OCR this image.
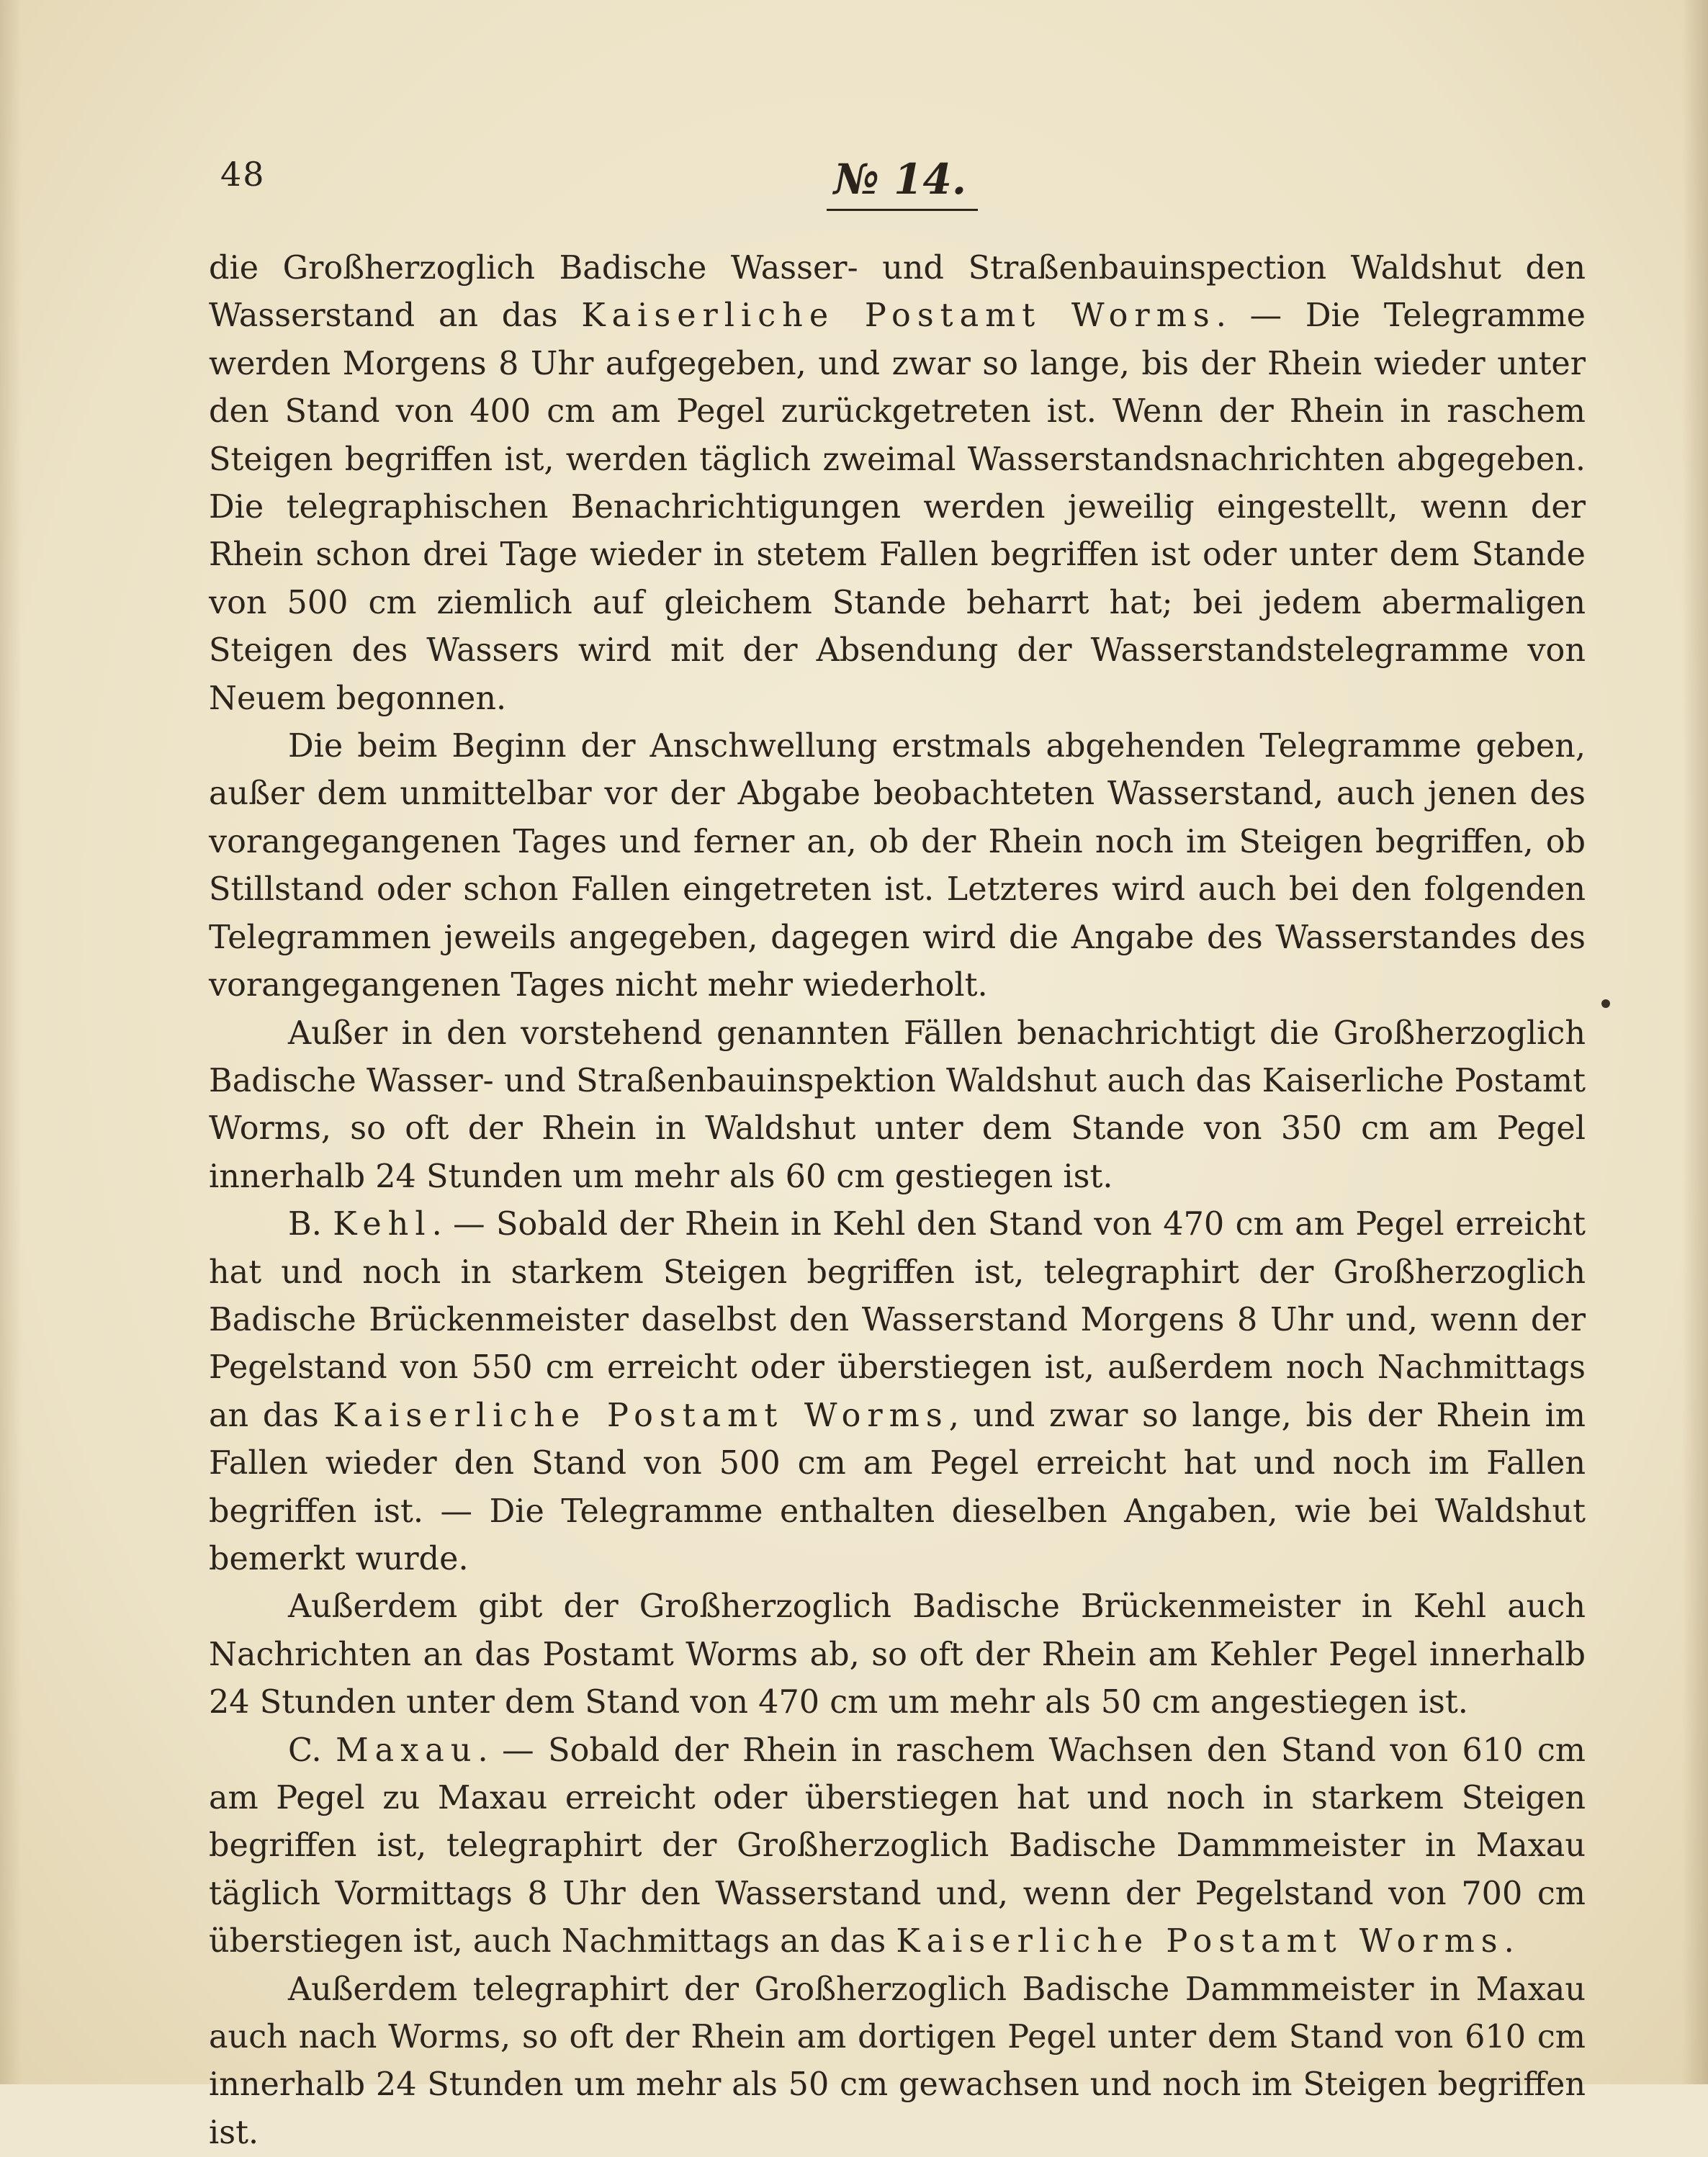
48	№ 14.

die Großherzoglich Badische Wasser- und Straßenbauinspection Waldshut den Wasserstand an das Kaiserliche Postamt Worms. — Die Telegramme werden Morgens 8 Uhr aufgegeben, und zwar so lange, bis der Rhein wieder unter den Stand von 400 cm am Pegel zurückgetreten ist. Wenn der Rhein in raschem Steigen begriffen ist, werden täglich zweimal Wasserstandsnachrichten abgegeben. Die telegraphischen Benachrichtigungen werden jeweilig eingestellt, wenn der Rhein schon drei Tage wieder in stetem Fallen begriffen ist oder unter dem Stande von 500 cm ziemlich auf gleichem Stande beharrt hat; bei jedem abermaligen Steigen des Wassers wird mit der Absendung der Wasserstandstelegramme von Neuem begonnen.

Die beim Beginn der Anschwellung erstmals abgehenden Telegramme geben, außer dem unmittelbar vor der Abgabe beobachteten Wasserstand, auch jenen des vorangegangenen Tages und ferner an, ob der Rhein noch im Steigen begriffen, ob Stillstand oder schon Fallen eingetreten ist. Letzteres wird auch bei den folgenden Telegrammen jeweils angegeben, dagegen wird die Angabe des Wasserstandes des vorangegangenen Tages nicht mehr wiederholt.

Außer in den vorstehend genannten Fällen benachrichtigt die Großherzoglich Badische Wasser- und Straßenbauinspektion Waldshut auch das Kaiserliche Postamt Worms, so oft der Rhein in Waldshut unter dem Stande von 350 cm am Pegel innerhalb 24 Stunden um mehr als 60 cm gestiegen ist.

B. Kehl. — Sobald der Rhein in Kehl den Stand von 470 cm am Pegel erreicht hat und noch in starkem Steigen begriffen ist, telegraphirt der Großherzoglich Badische Brückenmeister daselbst den Wasserstand Morgens 8 Uhr und, wenn der Pegelstand von 550 cm erreicht oder überstiegen ist, außerdem noch Nachmittags an das Kaiserliche Postamt Worms, und zwar so lange, bis der Rhein im Fallen wieder den Stand von 500 cm am Pegel erreicht hat und noch im Fallen begriffen ist. — Die Telegramme enthalten dieselben Angaben, wie bei Waldshut bemerkt wurde.

Außerdem gibt der Großherzoglich Badische Brückenmeister in Kehl auch Nachrichten an das Postamt Worms ab, so oft der Rhein am Kehler Pegel innerhalb 24 Stunden unter dem Stand von 470 cm um mehr als 50 cm angestiegen ist.

C. Maxau. — Sobald der Rhein in raschem Wachsen den Stand von 610 cm am Pegel zu Maxau erreicht oder überstiegen hat und noch in starkem Steigen begriffen ist, telegraphirt der Großherzoglich Badische Dammmeister in Maxau täglich Vormittags 8 Uhr den Wasserstand und, wenn der Pegelstand von 700 cm überstiegen ist, auch Nachmittags an das Kaiserliche Postamt Worms.

Außerdem telegraphirt der Großherzoglich Badische Dammmeister in Maxau auch nach Worms, so oft der Rhein am dortigen Pegel unter dem Stand von 610 cm innerhalb 24 Stunden um mehr als 50 cm gewachsen und noch im Steigen begriffen ist.
